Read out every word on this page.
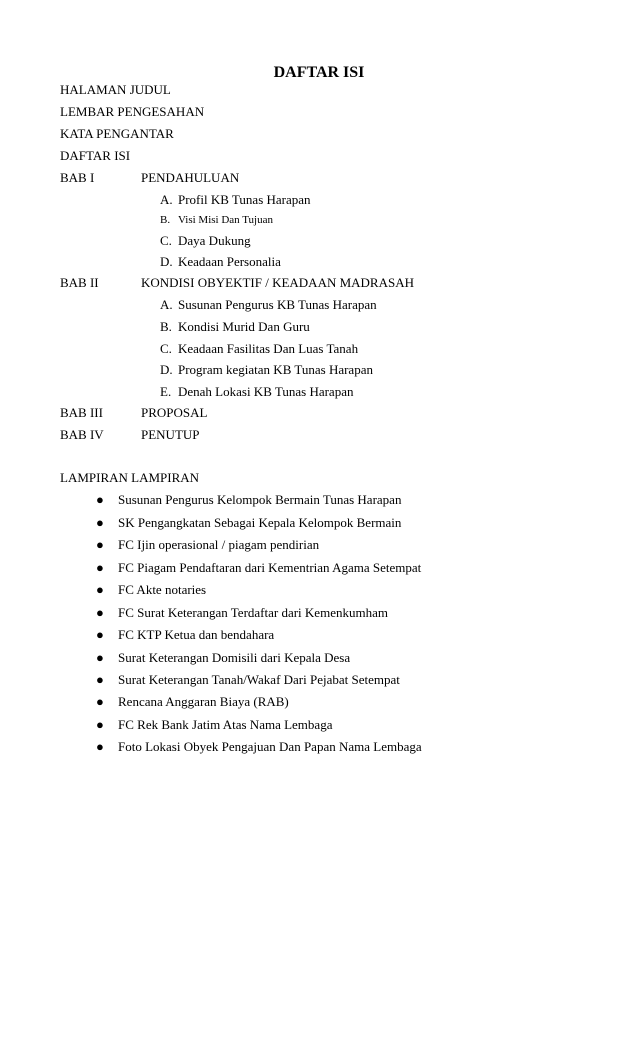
DAFTAR ISI
HALAMAN JUDUL
LEMBAR PENGESAHAN
KATA PENGANTAR
DAFTAR ISI
BAB I	PENDAHULUAN
A. Profil KB Tunas Harapan
B. Visi Misi Dan Tujuan
C. Daya Dukung
D. Keadaan Personalia
BAB II	KONDISI OBYEKTIF / KEADAAN MADRASAH
A. Susunan Pengurus KB Tunas Harapan
B. Kondisi Murid Dan Guru
C. Keadaan Fasilitas Dan Luas Tanah
D. Program kegiatan KB Tunas Harapan
E. Denah Lokasi KB Tunas Harapan
BAB III	PROPOSAL
BAB IV	PENUTUP
LAMPIRAN LAMPIRAN
● Susunan Pengurus Kelompok Bermain Tunas Harapan
● SK Pengangkatan Sebagai Kepala Kelompok Bermain
● FC Ijin operasional / piagam pendirian
● FC Piagam Pendaftaran dari Kementrian Agama Setempat
● FC Akte notaries
● FC Surat Keterangan Terdaftar dari Kemenkumham
● FC KTP Ketua dan bendahara
● Surat Keterangan Domisili dari Kepala Desa
● Surat Keterangan Tanah/Wakaf Dari Pejabat Setempat
● Rencana Anggaran Biaya (RAB)
● FC Rek Bank Jatim Atas Nama Lembaga
● Foto Lokasi Obyek Pengajuan Dan Papan Nama Lembaga
